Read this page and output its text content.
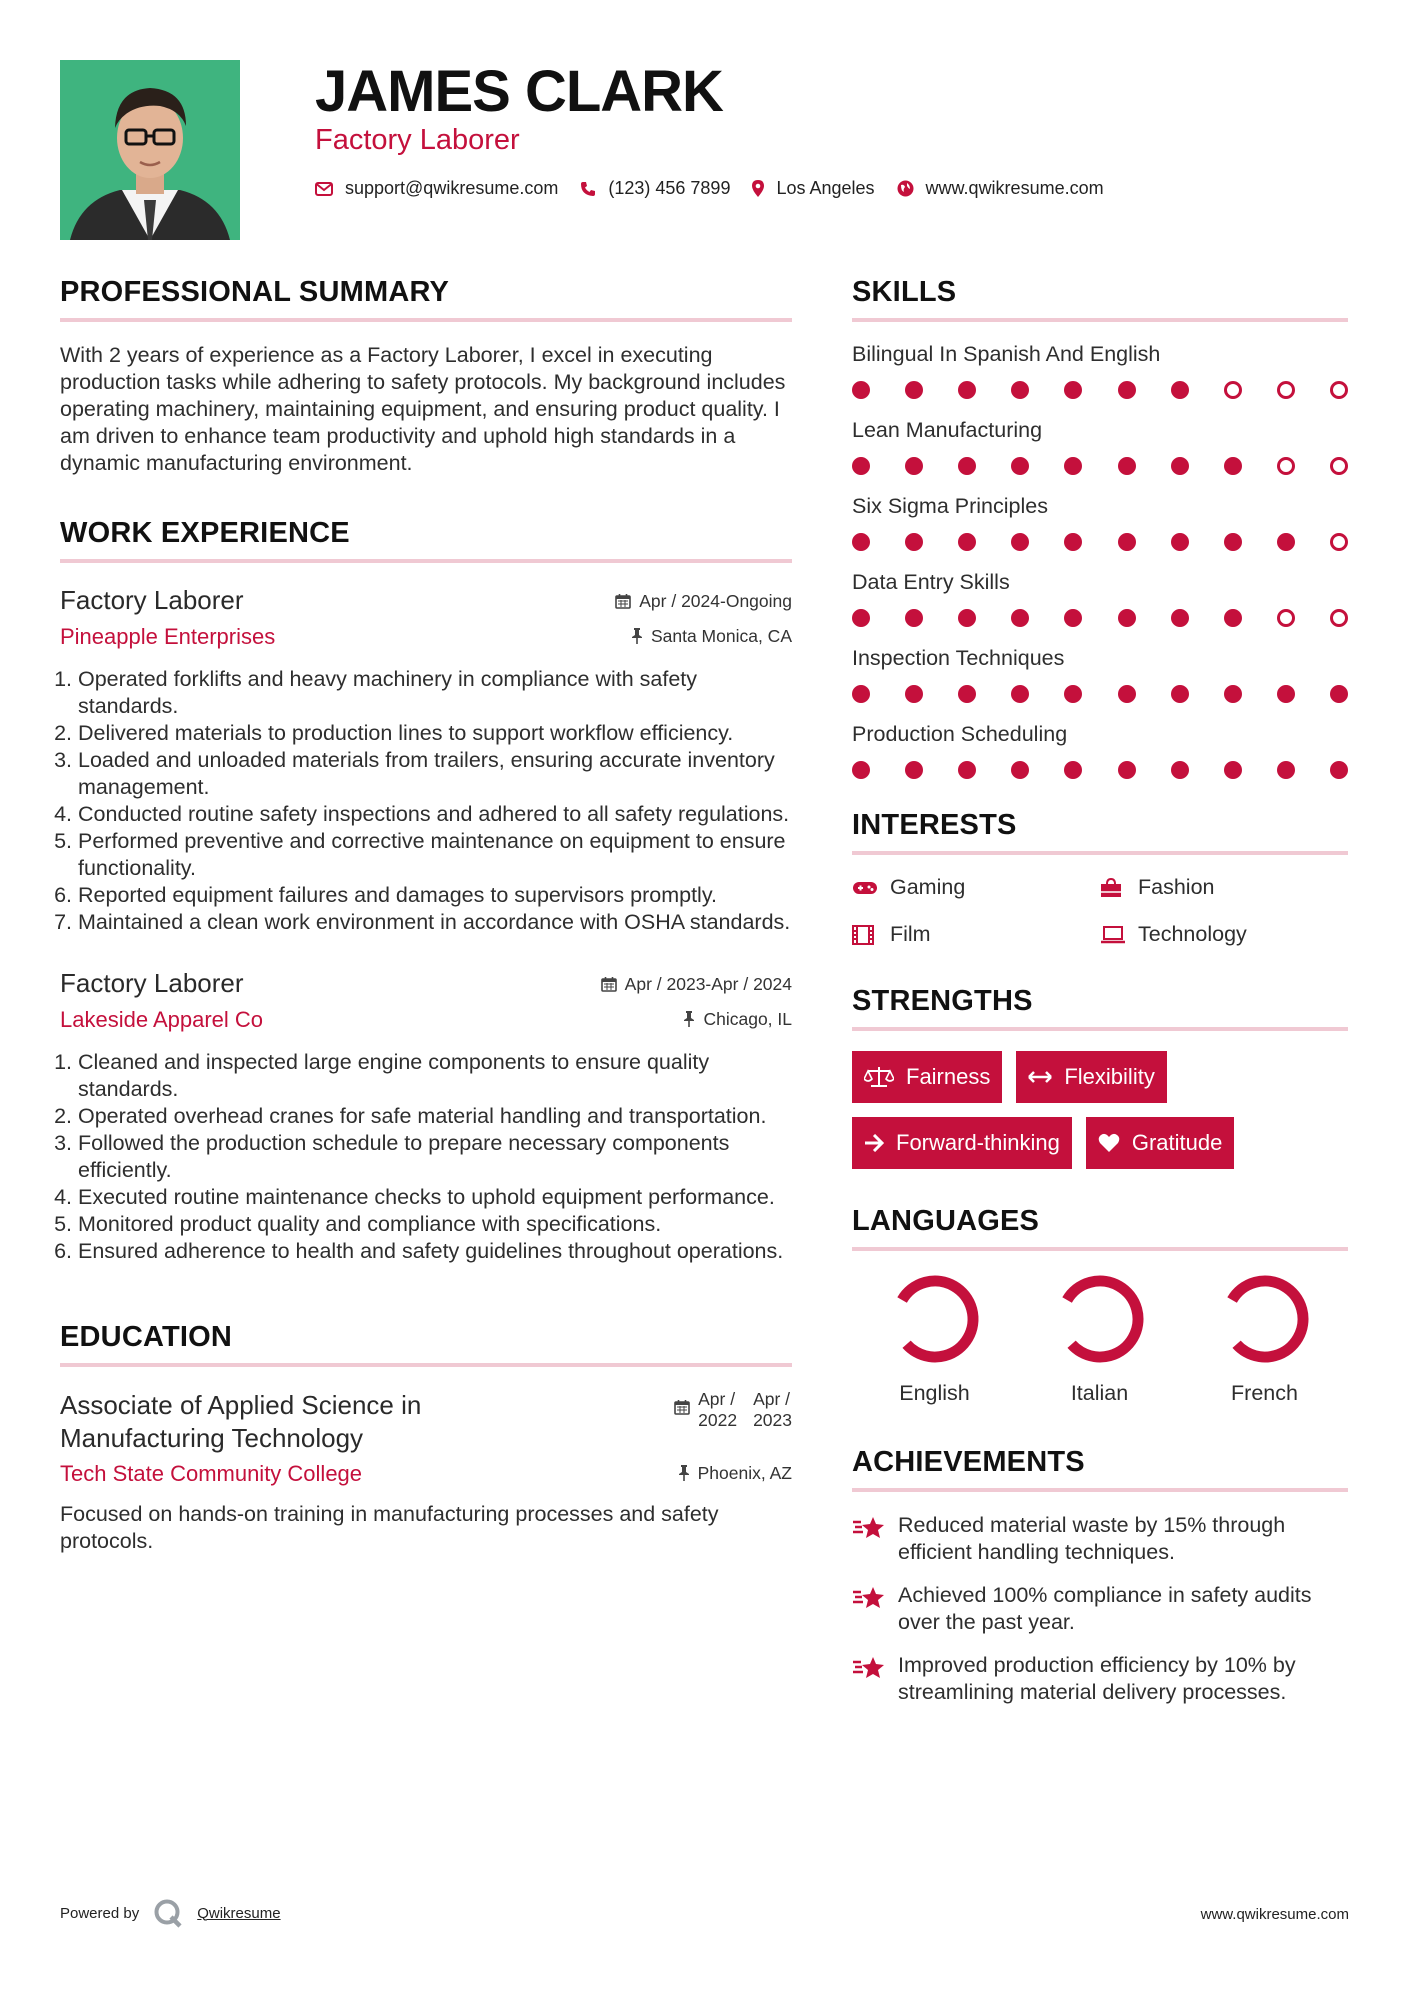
JAMES CLARK
Factory Laborer
support@qwikresume.com	(123) 456 7899	Los Angeles	www.qwikresume.com
PROFESSIONAL SUMMARY

With 2 years of experience as a Factory Laborer, I excel in executing production tasks while adhering to safety protocols. My background includes operating machinery, maintaining equipment, and ensuring product quality. I am driven to enhance team productivity and uphold high standards in a dynamic manufacturing environment.

WORK EXPERIENCE
Factory Laborer	Apr / 2024-Ongoing
Pineapple Enterprises	Santa Monica, CA
1. Operated forklifts and heavy machinery in compliance with safety standards.
2. Delivered materials to production lines to support workflow efficiency.
3. Loaded and unloaded materials from trailers, ensuring accurate inventory management.
4. Conducted routine safety inspections and adhered to all safety regulations.
5. Performed preventive and corrective maintenance on equipment to ensure functionality.
6. Reported equipment failures and damages to supervisors promptly.
7. Maintained a clean work environment in accordance with OSHA standards.
Factory Laborer	Apr / 2023-Apr / 2024
Lakeside Apparel Co	Chicago, IL
1. Cleaned and inspected large engine components to ensure quality standards.
2. Operated overhead cranes for safe material handling and transportation.
3. Followed the production schedule to prepare necessary components efficiently.
4. Executed routine maintenance checks to uphold equipment performance.
5. Monitored product quality and compliance with specifications.
6. Ensured adherence to health and safety guidelines throughout operations.
EDUCATION
Associate of Applied Science in Manufacturing Technology
Apr /
2022
Apr /
2023
Tech State Community College	Phoenix, AZ

Focused on hands-on training in manufacturing processes and safety protocols.

SKILLS
Bilingual In Spanish And English
Lean Manufacturing
Six Sigma Principles
Data Entry Skills
Inspection Techniques
Production Scheduling
INTERESTS
Gaming	Fashion
Film	Technology
STRENGTHS
Fairness	Flexibility
Forward-thinking	Gratitude
LANGUAGES
English	Italian	French
ACHIEVEMENTS
Reduced material waste by 15% through efficient handling techniques.
Achieved 100% compliance in safety audits over the past year.
Improved production efficiency by 10% by streamlining material delivery processes.
Powered by	Qwikresume	www.qwikresume.com
